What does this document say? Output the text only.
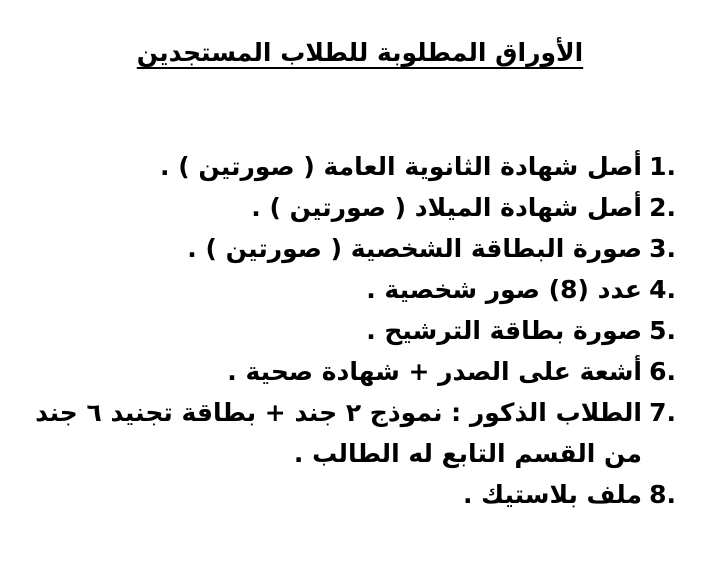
الأوراق المطلوبة للطلاب المستجدين
1.
أصل شهادة الثانوية العامة ( صورتين ) .
2.
أصل شهادة الميلاد ( صورتين ) .
3.
صورة البطاقة الشخصية ( صورتين ) .
4.
عدد (8) صور شخصية .
5.
صورة بطاقة الترشيح .
6.
أشعة على الصدر + شهادة صحية .
7.
الطلاب الذكور : نموذج ٢ جند + بطاقة تجنيد ٦ جند من القسم التابع له الطالب .
8.
ملف بلاستيك .
